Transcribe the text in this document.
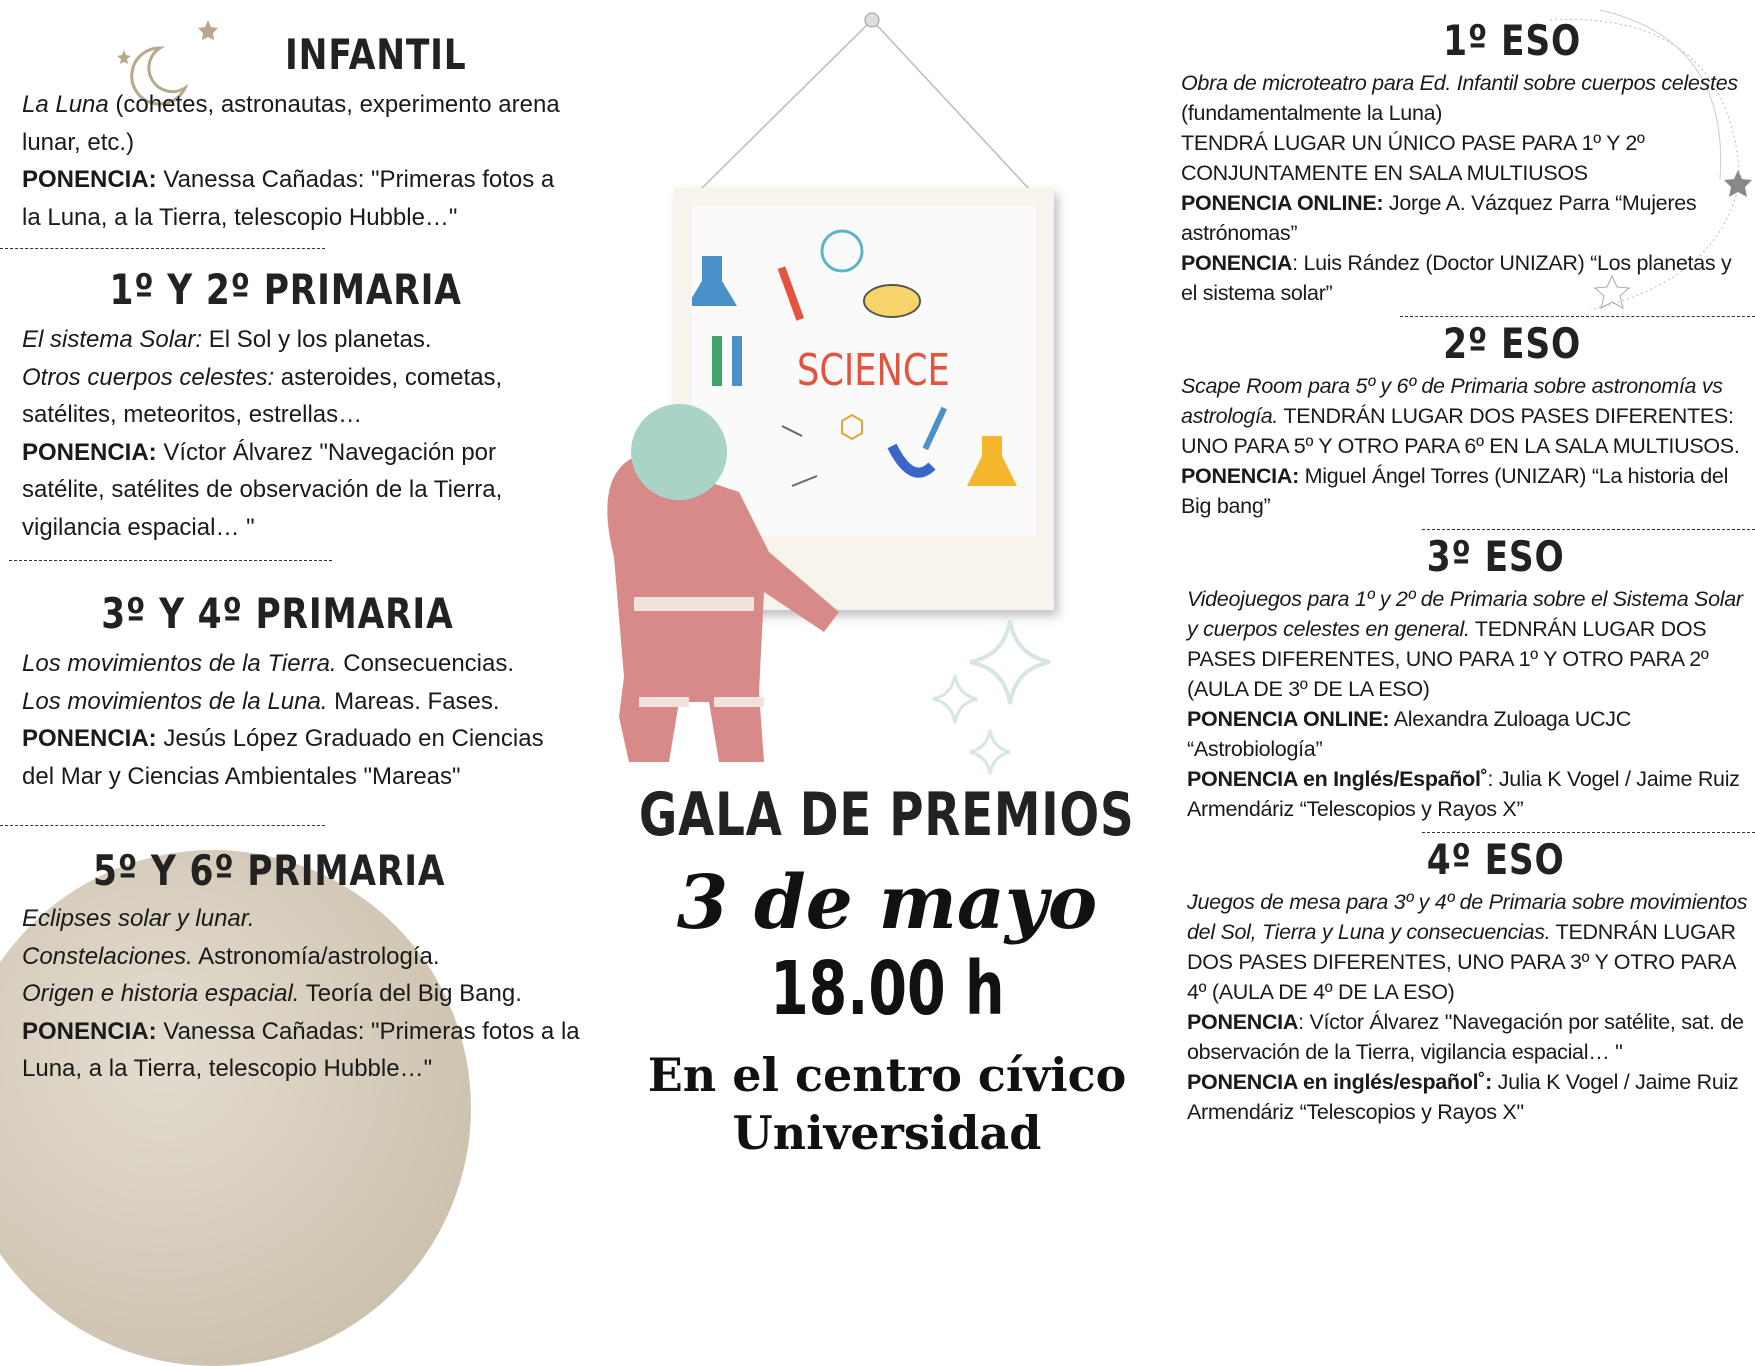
INFANTIL
La Luna (cohetes, astronautas, experimento arena lunar, etc.)
PONENCIA: Vanessa Cañadas: "Primeras fotos a la Luna, a la Tierra, telescopio Hubble…"
1º Y 2º PRIMARIA
El sistema Solar: El Sol y los planetas.
Otros cuerpos celestes: asteroides, cometas, satélites, meteoritos, estrellas…
PONENCIA: Víctor Álvarez "Navegación por satélite, satélites de observación de la Tierra, vigilancia espacial… "
3º Y 4º PRIMARIA
Los movimientos de la Tierra. Consecuencias.
Los movimientos de la Luna. Mareas. Fases.
PONENCIA: Jesús López Graduado en Ciencias del Mar y Ciencias Ambientales "Mareas"
5º Y 6º PRIMARIA
Eclipses solar y lunar.
Constelaciones. Astronomía/astrología.
Origen e historia espacial. Teoría del Big Bang.
PONENCIA: Vanessa Cañadas: "Primeras fotos a la Luna, a la Tierra, telescopio Hubble…"
SCIENCE
GALA DE PREMIOS
3 de mayo
18.00 h
En el centro cívico
Universidad
1º ESO
Obra de microteatro para Ed. Infantil sobre cuerpos celestes (fundamentalmente la Luna)
TENDRÁ LUGAR UN ÚNICO PASE PARA 1º Y 2º CONJUNTAMENTE EN SALA MULTIUSOS
PONENCIA ONLINE: Jorge A. Vázquez Parra “Mujeres astrónomas”
PONENCIA: Luis Rández (Doctor UNIZAR) “Los planetas y el sistema solar”
2º ESO
Scape Room para 5º y 6º de Primaria sobre astronomía vs astrología. TENDRÁN LUGAR DOS PASES DIFERENTES: UNO PARA 5º Y OTRO PARA 6º EN LA SALA MULTIUSOS.
PONENCIA: Miguel Ángel Torres (UNIZAR) “La historia del Big bang”
3º ESO
Videojuegos para 1º y 2º de Primaria sobre el Sistema Solar y cuerpos celestes en general. TEDNRÁN LUGAR DOS PASES DIFERENTES, UNO PARA 1º Y OTRO PARA 2º (AULA DE 3º DE LA ESO)
PONENCIA ONLINE: Alexandra Zuloaga UCJC “Astrobiología”
PONENCIA en Inglés/Español˚: Julia K Vogel / Jaime Ruiz Armendáriz “Telescopios y Rayos X”
4º ESO
Juegos de mesa para 3º y 4º de Primaria sobre movimientos del Sol, Tierra y Luna y consecuencias. TEDNRÁN LUGAR DOS PASES DIFERENTES, UNO PARA 3º Y OTRO PARA 4º (AULA DE 4º DE LA ESO)
PONENCIA: Víctor Álvarez "Navegación por satélite, sat. de observación de la Tierra, vigilancia espacial… "
PONENCIA en inglés/español˚: Julia K Vogel / Jaime Ruiz Armendáriz “Telescopios y Rayos X"
